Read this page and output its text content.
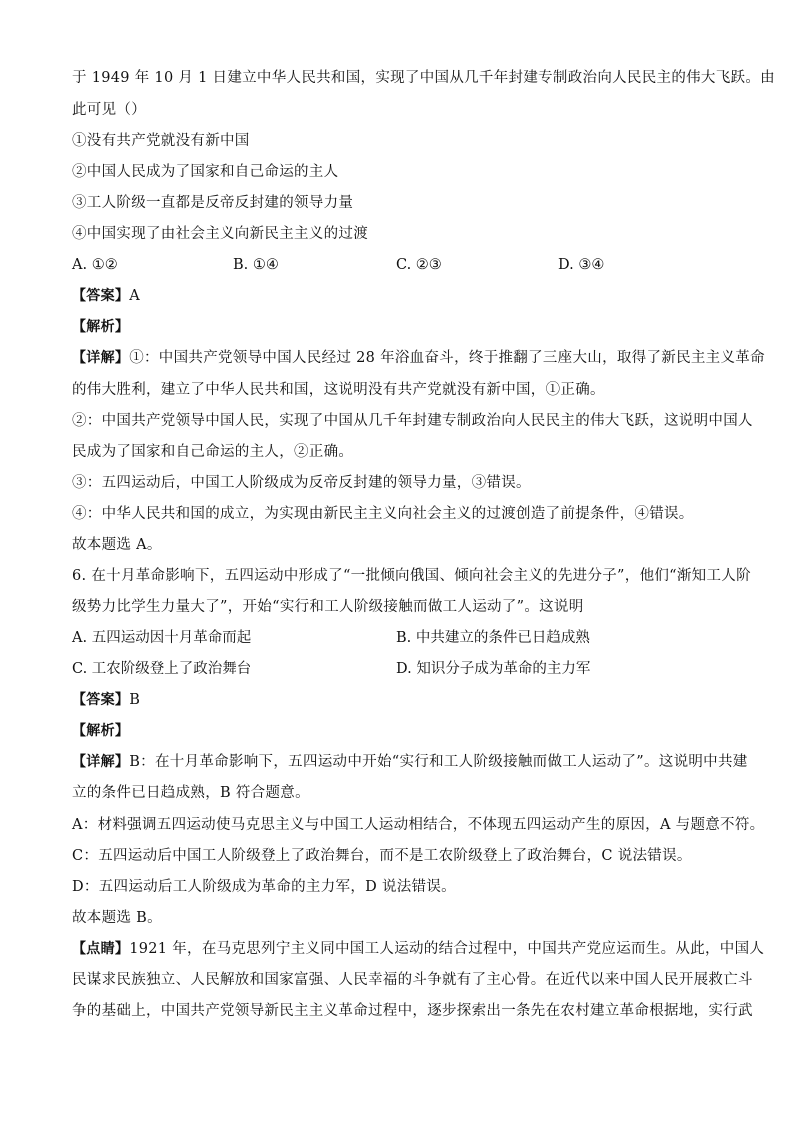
于 1949 年 10 月 1 日建立中华人民共和国，实现了中国从几千年封建专制政治向人民民主的伟大飞跃。由
此可见（）
①没有共产党就没有新中国
②中国人民成为了国家和自己命运的主人
③工人阶级一直都是反帝反封建的领导力量
④中国实现了由社会主义向新民主主义的过渡
A. ①②	B. ①④	C. ②③	D. ③④
【答案】A
【解析】
【详解】①：中国共产党领导中国人民经过 28 年浴血奋斗，终于推翻了三座大山，取得了新民主主义革命
的伟大胜利，建立了中华人民共和国，这说明没有共产党就没有新中国，①正确。
②：中国共产党领导中国人民，实现了中国从几千年封建专制政治向人民民主的伟大飞跃，这说明中国人
民成为了国家和自己命运的主人，②正确。
③：五四运动后，中国工人阶级成为反帝反封建的领导力量，③错误。
④：中华人民共和国的成立，为实现由新民主主义向社会主义的过渡创造了前提条件，④错误。
故本题选 A。
6. 在十月革命影响下，五四运动中形成了“一批倾向俄国、倾向社会主义的先进分子”，他们“渐知工人阶
级势力比学生力量大了”，开始“实行和工人阶级接触而做工人运动了”。这说明
A. 五四运动因十月革命而起	B. 中共建立的条件已日趋成熟
C. 工农阶级登上了政治舞台	D. 知识分子成为革命的主力军
【答案】B
【解析】
【详解】B：在十月革命影响下，五四运动中开始“实行和工人阶级接触而做工人运动了”。这说明中共建
立的条件已日趋成熟，B 符合题意。
A：材料强调五四运动使马克思主义与中国工人运动相结合，不体现五四运动产生的原因，A 与题意不符。
C：五四运动后中国工人阶级登上了政治舞台，而不是工农阶级登上了政治舞台，C 说法错误。
D：五四运动后工人阶级成为革命的主力军，D 说法错误。
故本题选 B。
【点睛】1921 年，在马克思列宁主义同中国工人运动的结合过程中，中国共产党应运而生。从此，中国人
民谋求民族独立、人民解放和国家富强、人民幸福的斗争就有了主心骨。在近代以来中国人民开展救亡斗
争的基础上，中国共产党领导新民主主义革命过程中，逐步探索出一条先在农村建立革命根据地，实行武
